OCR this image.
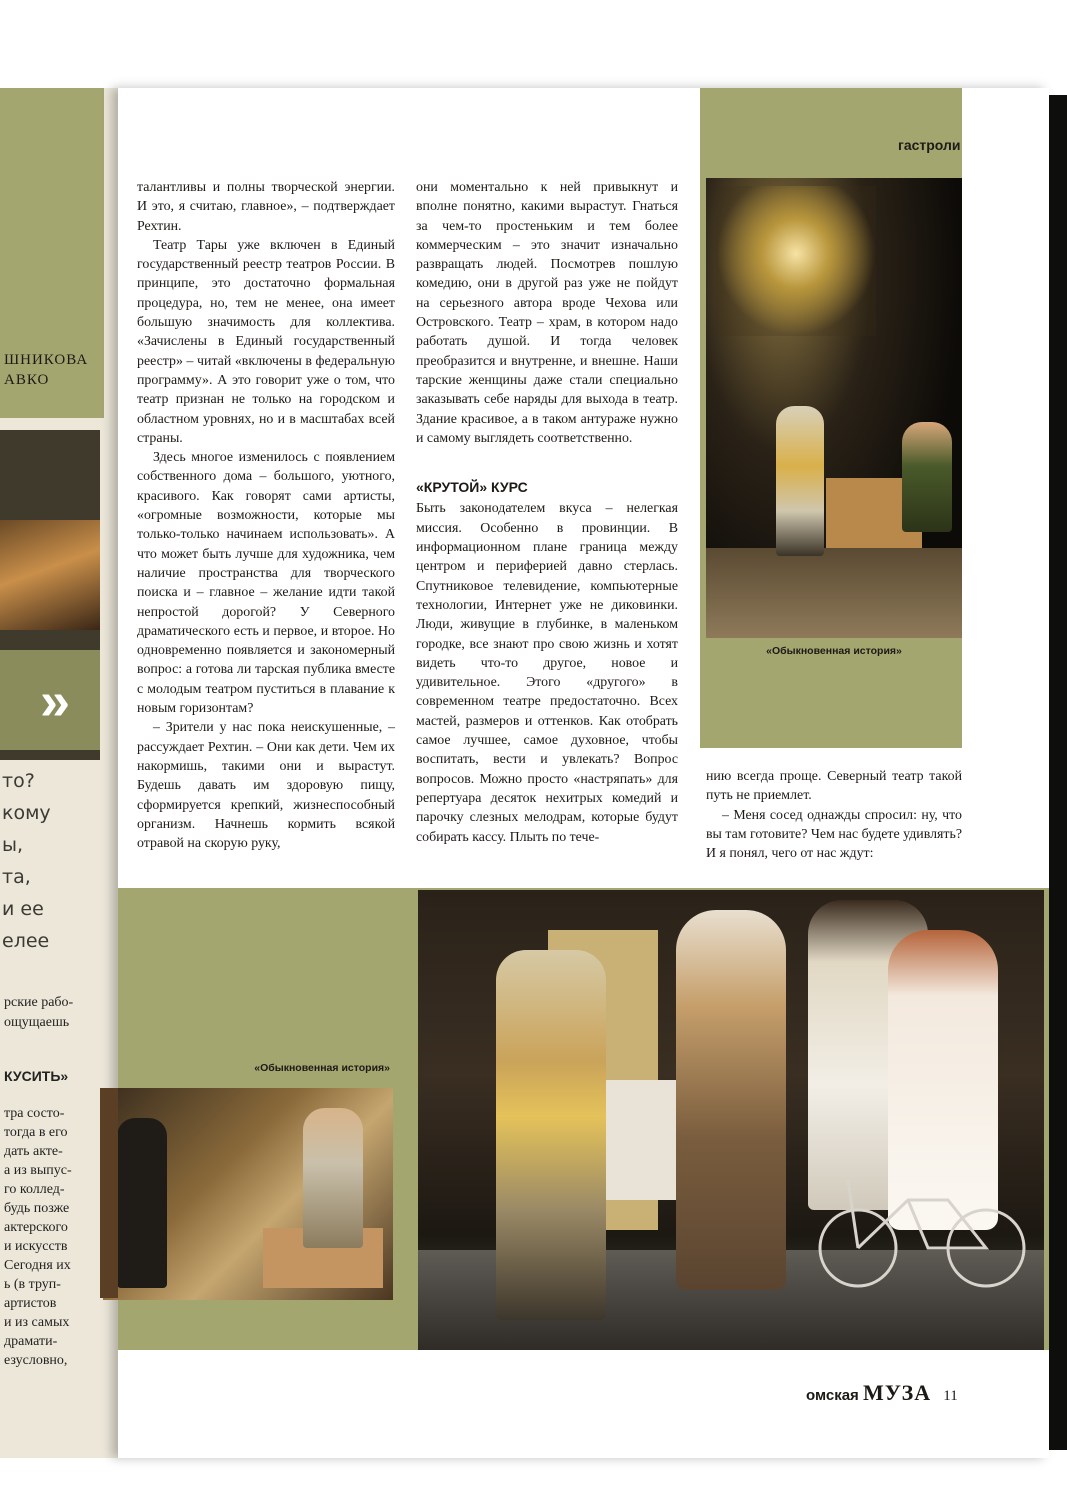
ШНИКОВА
АВКО
»
то?
кому
ы,
та,
и ее
елее
рские рабо-
ощущаешь
КУСИТЬ»
тра состо-
тогда в его
дать акте-
а из выпус-
го коллед-
будь позже
актерского
и искусств
Сегодня их
ь (в труп-
артистов
и из самых
драмати-
езусловно,
гастроли

талантливы и полны творческой энергии. И это, я считаю, главное», – подтверждает Рехтин.

Театр Тары уже включен в Единый государственный реестр театров России. В принципе, это достаточно формальная процедура, но, тем не менее, она имеет большую значимость для коллектива. «Зачислены в Единый государственный реестр» – читай «включены в федеральную программу». А это говорит уже о том, что театр признан не только на городском и областном уровнях, но и в масштабах всей страны.

Здесь многое изменилось с появлением собственного дома – большого, уютного, красивого. Как говорят сами артисты, «огромные возможности, которые мы только-только начинаем использовать». А что может быть лучше для художника, чем наличие пространства для творческого поиска и – главное – желание идти такой непростой дорогой? У Северного драматического есть и первое, и второе. Но одновременно появляется и закономерный вопрос: а готова ли тарская публика вместе с молодым театром пуститься в плавание к новым горизонтам?

– Зрители у нас пока неискушенные, – рассуждает Рехтин. – Они как дети. Чем их накормишь, такими они и вырастут. Будешь давать им здоровую пищу, сформируется крепкий, жизнеспособный организм. Начнешь кормить всякой отравой на скорую руку,

они моментально к ней привыкнут и вполне понятно, какими вырастут. Гнаться за чем-то простеньким и тем более коммерческим – это значит изначально развращать людей. Посмотрев пошлую комедию, они в другой раз уже не пойдут на серьезного автора вроде Чехова или Островского. Театр – храм, в котором надо работать душой. И тогда человек преобразится и внутренне, и внешне. Наши тарские женщины даже стали специально заказывать себе наряды для выхода в театр. Здание красивое, а в таком антураже нужно и самому выглядеть соответственно.

«КРУТОЙ» КУРС

Быть законодателем вкуса – нелегкая миссия. Особенно в провинции. В информационном плане граница между центром и периферией давно стерлась. Спутниковое телевидение, компьютерные технологии, Интернет уже не диковинки. Люди, живущие в глубинке, в маленьком городке, все знают про свою жизнь и хотят видеть что-то другое, новое и удивительное. Этого «другого» в современном театре предостаточно. Всех мастей, размеров и оттенков. Как отобрать самое лучшее, самое духовное, чтобы воспитать, вести и увлекать? Вопрос вопросов. Можно просто «настряпать» для репертуара десяток нехитрых комедий и парочку слезных мелодрам, которые будут собирать кассу. Плыть по тече-

«Обыкновенная история»

нию всегда проще. Северный театр такой путь не приемлет.

– Меня сосед однажды спросил: ну, что вы там готовите? Чем нас будете удивлять? И я понял, чего от нас ждут:

«Обыкновенная история»
омская МУЗА 11
